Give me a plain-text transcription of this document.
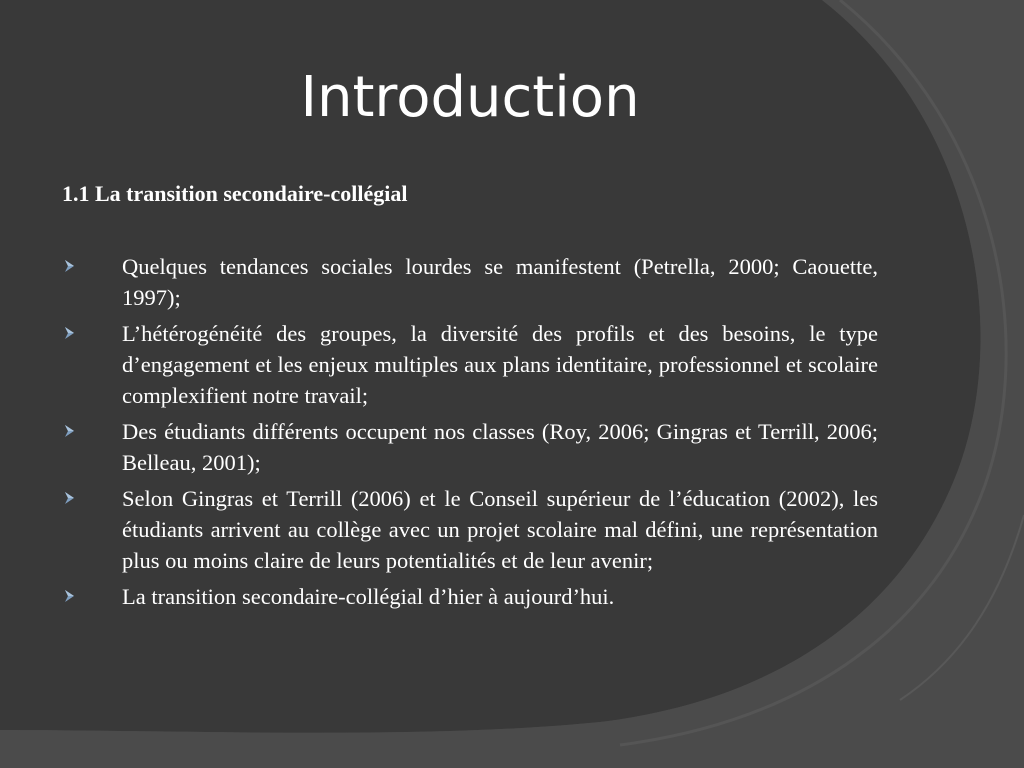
Introduction

1.1 La transition secondaire-collégial

Quelques tendances sociales lourdes se manifestent (Petrella, 2000; Caouette, 1997);
L’hétérogénéité des groupes, la diversité des profils et des besoins, le type d’engagement et les enjeux multiples aux plans identitaire, professionnel et scolaire complexifient notre travail;
Des étudiants différents occupent nos classes (Roy, 2006; Gingras et Terrill, 2006; Belleau, 2001);
Selon Gingras et Terrill (2006) et le Conseil supérieur de l’éducation (2002), les étudiants arrivent au collège avec un projet scolaire mal défini, une représentation plus ou moins claire de leurs potentialités et de leur avenir;
La transition secondaire-collégial d’hier à aujourd’hui.
